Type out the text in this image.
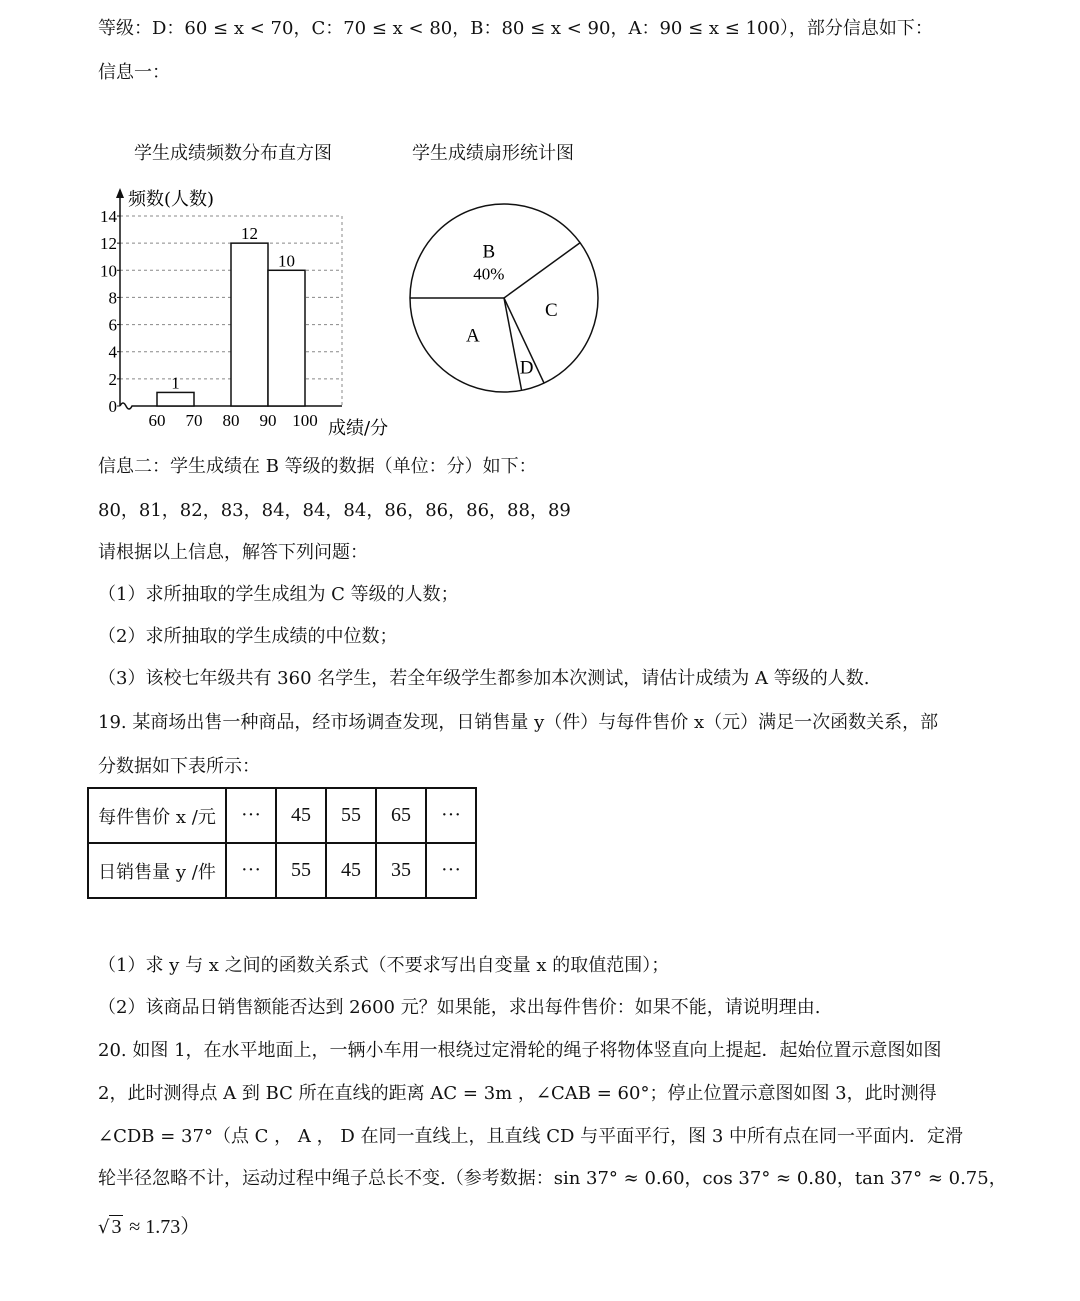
等级：D：60 ≤ x < 70，C：70 ≤ x < 80，B：80 ≤ x < 90，A：90 ≤ x ≤ 100），部分信息如下：
信息一：
学生成绩频数分布直方图	学生成绩扇形统计图
0
2
4
6
8
10
12
14
60 70 80 90 100
频数(人数)
成绩/分
1
12
10	B
40%
C
D
A
信息二：学生成绩在 B 等级的数据（单位：分）如下：
80，81，82，83，84，84，84，86，86，86，88，89
请根据以上信息，解答下列问题：
（1）求所抽取的学生成组为 C 等级的人数；
（2）求所抽取的学生成绩的中位数；
（3）该校七年级共有 360 名学生，若全年级学生都参加本次测试，请估计成绩为 A 等级的人数.
19. 某商场出售一种商品，经市场调查发现，日销售量 y（件）与每件售价 x（元）满足一次函数关系，部
分数据如下表所示：
每件售价 x /元	···	45	55	65	···
日销售量 y /件	···	55	45	35	···
（1）求 y 与 x 之间的函数关系式（不要求写出自变量 x 的取值范围）；
（2）该商品日销售额能否达到 2600 元？如果能，求出每件售价：如果不能，请说明理由.
20. 如图 1，在水平地面上，一辆小车用一根绕过定滑轮的绳子将物体竖直向上提起．起始位置示意图如图
2，此时测得点 A 到 BC 所在直线的距离 AC = 3m ，∠CAB = 60°；停止位置示意图如图 3，此时测得
∠CDB = 37°（点 C ， A ， D 在同一直线上，且直线 CD 与平面平行，图 3 中所有点在同一平面内．定滑
轮半径忽略不计，运动过程中绳子总长不变.（参考数据：sin 37° ≈ 0.60，cos 37° ≈ 0.80，tan 37° ≈ 0.75，
√ 3 ≈ 1.73）
